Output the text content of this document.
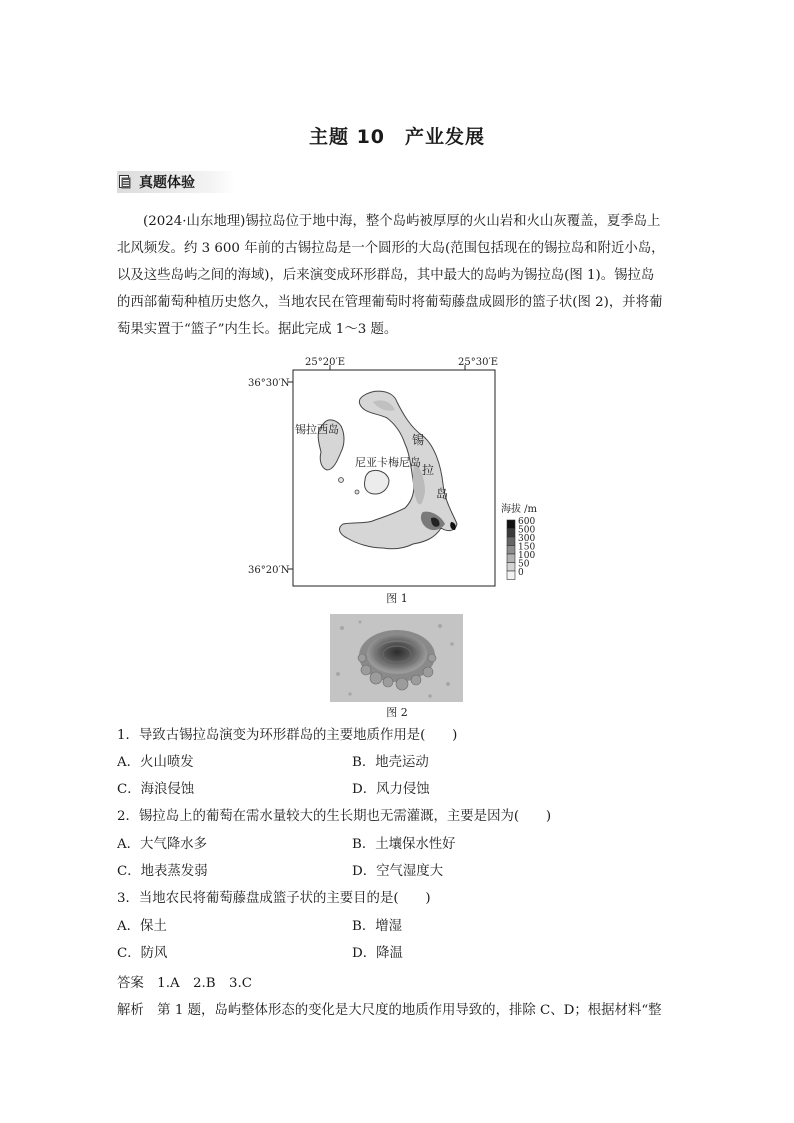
主题 10 产业发展
真题体验

(2024·山东地理)锡拉岛位于地中海，整个岛屿被厚厚的火山岩和火山灰覆盖，夏季岛上

北风频发。约 3 600 年前的古锡拉岛是一个圆形的大岛(范围包括现在的锡拉岛和附近小岛，

以及这些岛屿之间的海域)，后来演变成环形群岛，其中最大的岛屿为锡拉岛(图 1)。锡拉岛

的西部葡萄种植历史悠久，当地农民在管理葡萄时将葡萄藤盘成圆形的篮子状(图 2)，并将葡

萄果实置于“篮子”内生长。据此完成 1～3 题。

25°20′E	25°30′E
36°30′N
36°20′N
锡拉西岛
尼亚卡梅尼岛
锡
拉
岛
海拔 /m
600
500
300
150
100
50
0
图 1
图 2
1．导致古锡拉岛演变为环形群岛的主要地质作用是(　　)
A．火山喷发	B．地壳运动
C．海浪侵蚀	D．风力侵蚀
2．锡拉岛上的葡萄在需水量较大的生长期也无需灌溉，主要是因为(　　)
A．大气降水多	B．土壤保水性好
C．地表蒸发弱	D．空气湿度大
3．当地农民将葡萄藤盘成篮子状的主要目的是(　　)
A．保土	B．增湿
C．防风	D．降温
答案　 1.A　2.B　3.C
解析　 第 1 题，岛屿整体形态的变化是大尺度的地质作用导致的，排除 C、D；根据材料“整
